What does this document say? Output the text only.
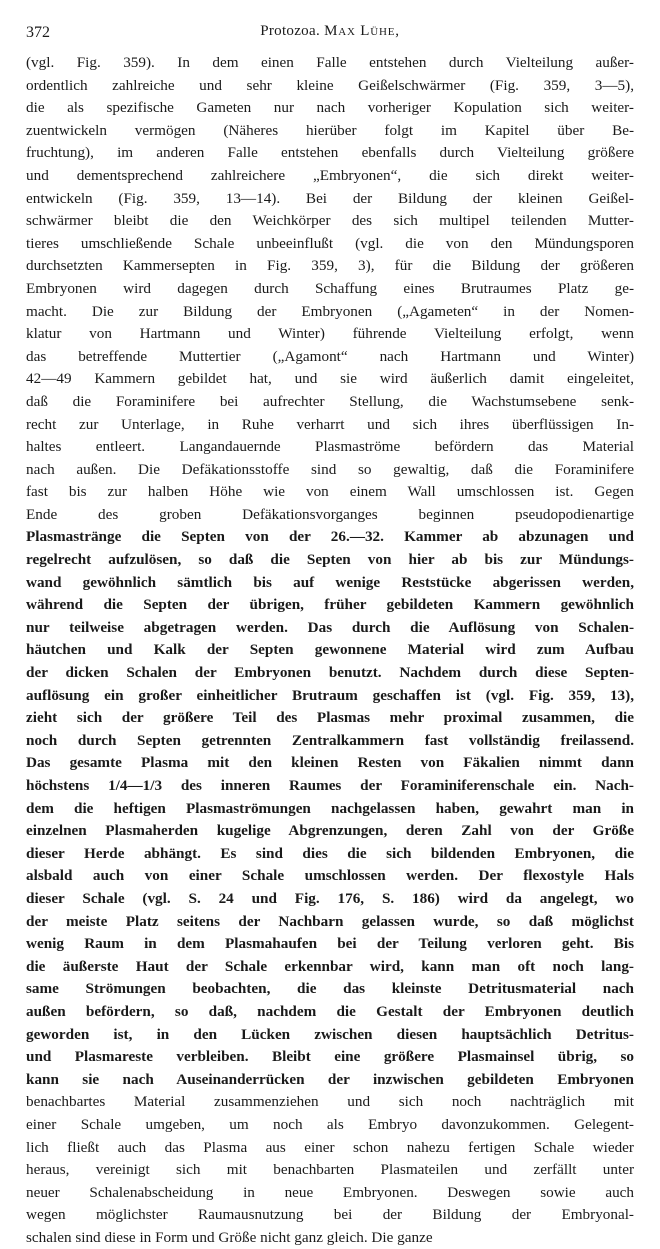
372	Protozoa. Max Lühe,
(vgl. Fig. 359). In dem einen Falle entstehen durch Vielteilung außer-
ordentlich zahlreiche und sehr kleine Geißelschwärmer (Fig. 359, 3—5),
die als spezifische Gameten nur nach vorheriger Kopulation sich weiter-
zuentwickeln vermögen (Näheres hierüber folgt im Kapitel über Be-
fruchtung), im anderen Falle entstehen ebenfalls durch Vielteilung größere
und dementsprechend zahlreichere „Embryonen“, die sich direkt weiter-
entwickeln (Fig. 359, 13—14). Bei der Bildung der kleinen Geißel-
schwärmer bleibt die den Weichkörper des sich multipel teilenden Mutter-
tieres umschließende Schale unbeeinflußt (vgl. die von den Mündungsporen
durchsetzten Kammersepten in Fig. 359, 3), für die Bildung der größeren
Embryonen wird dagegen durch Schaffung eines Brutraumes Platz ge-
macht. Die zur Bildung der Embryonen („Agameten“ in der Nomen-
klatur von Hartmann und Winter) führende Vielteilung erfolgt, wenn
das betreffende Muttertier („Agamont“ nach Hartmann und Winter)
42—49 Kammern gebildet hat, und sie wird äußerlich damit eingeleitet,
daß die Foraminifere bei aufrechter Stellung, die Wachstumsebene senk-
recht zur Unterlage, in Ruhe verharrt und sich ihres überflüssigen In-
haltes entleert. Langandauernde Plasmaströme befördern das Material
nach außen. Die Defäkationsstoffe sind so gewaltig, daß die Foraminifere
fast bis zur halben Höhe wie von einem Wall umschlossen ist. Gegen
Ende des groben Defäkationsvorganges beginnen pseudopodienartige
Plasmastränge die Septen von der 26.—32. Kammer ab abzunagen und
regelrecht aufzulösen, so daß die Septen von hier ab bis zur Mündungs-
wand gewöhnlich sämtlich bis auf wenige Reststücke abgerissen werden,
während die Septen der übrigen, früher gebildeten Kammern gewöhnlich
nur teilweise abgetragen werden. Das durch die Auflösung von Schalen-
häutchen und Kalk der Septen gewonnene Material wird zum Aufbau
der dicken Schalen der Embryonen benutzt. Nachdem durch diese Septen-
auflösung ein großer einheitlicher Brutraum geschaffen ist (vgl. Fig. 359, 13),
zieht sich der größere Teil des Plasmas mehr proximal zusammen, die
noch durch Septen getrennten Zentralkammern fast vollständig freilassend.
Das gesamte Plasma mit den kleinen Resten von Fäkalien nimmt dann
höchstens 1/4—1/3 des inneren Raumes der Foraminiferenschale ein. Nach-
dem die heftigen Plasmaströmungen nachgelassen haben, gewahrt man in
einzelnen Plasmaherden kugelige Abgrenzungen, deren Zahl von der Größe
dieser Herde abhängt. Es sind dies die sich bildenden Embryonen, die
alsbald auch von einer Schale umschlossen werden. Der flexostyle Hals
dieser Schale (vgl. S. 24 und Fig. 176, S. 186) wird da angelegt, wo
der meiste Platz seitens der Nachbarn gelassen wurde, so daß möglichst
wenig Raum in dem Plasmahaufen bei der Teilung verloren geht. Bis
die äußerste Haut der Schale erkennbar wird, kann man oft noch lang-
same Strömungen beobachten, die das kleinste Detritusmaterial nach
außen befördern, so daß, nachdem die Gestalt der Embryonen deutlich
geworden ist, in den Lücken zwischen diesen hauptsächlich Detritus-
und Plasmareste verbleiben. Bleibt eine größere Plasmainsel übrig, so
kann sie nach Auseinanderrücken der inzwischen gebildeten Embryonen
benachbartes Material zusammenziehen und sich noch nachträglich mit
einer Schale umgeben, um noch als Embryo davonzukommen. Gelegent-
lich fließt auch das Plasma aus einer schon nahezu fertigen Schale wieder
heraus, vereinigt sich mit benachbarten Plasmateilen und zerfällt unter
neuer Schalenabscheidung in neue Embryonen. Deswegen sowie auch
wegen möglichster Raumausnutzung bei der Bildung der Embryonal-
schalen sind diese in Form und Größe nicht ganz gleich. Die ganze
